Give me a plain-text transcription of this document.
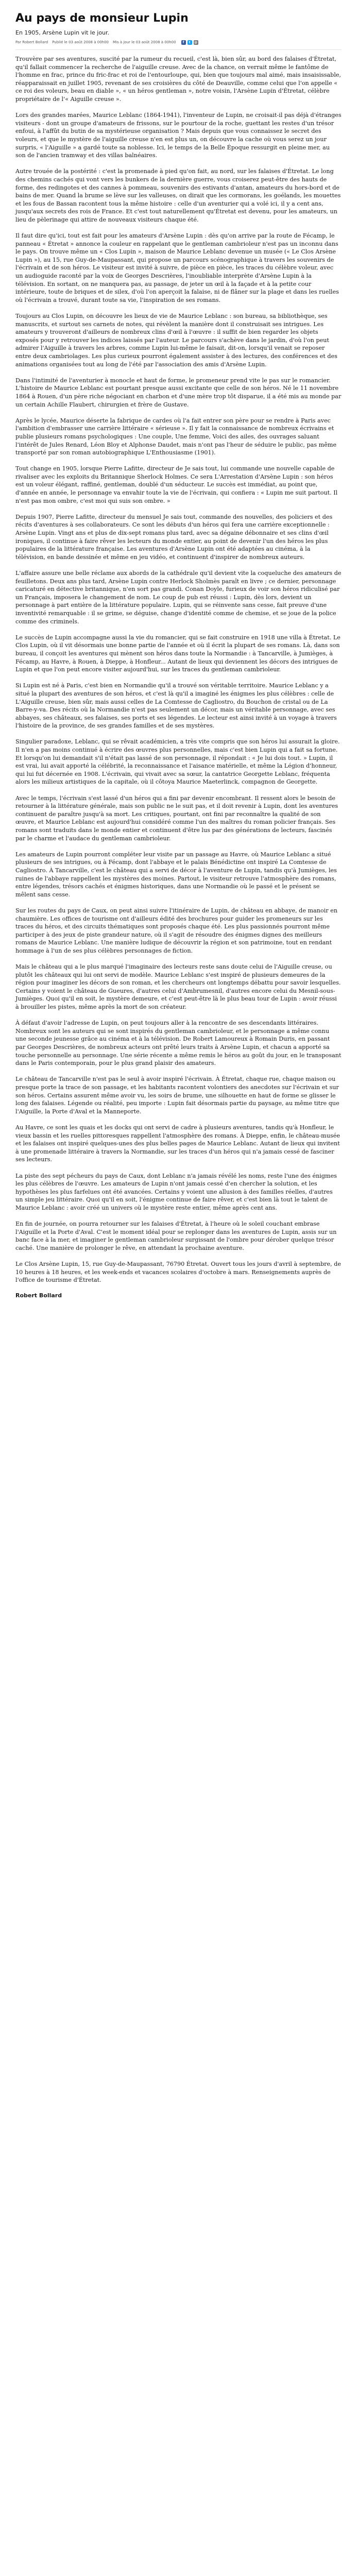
Au pays de monsieur Lupin

En 1905, Arsène Lupin vit le jour.

Par Robert Bollard Publié le 03 août 2008 à 00h00 Mis à jour le 03 août 2008 à 00h00	f	t	@

Trouvère par ses aventures, suscité par la rumeur du recueil, c'est là, bien sûr, au bord des falaises d'Étretat, qu'il fallait commencer la recherche de l'aiguille creuse. Avec de la chance, on verrait même le fantôme de l'homme en frac, prince du fric-frac et roi de l'entourloupe, qui, bien que toujours mal aimé, mais insaisissable, réapparaissait en juillet 1905, revenant de ses croisières du côté de Deauville, comme celui que l'on appelle « ce roi des voleurs, beau en diable », « un héros gentleman », notre voisin, l'Arsène Lupin d'Étretat, célèbre propriétaire de l'« Aiguille creuse ».

Lors des grandes marées, Maurice Leblanc (1864-1941), l'inventeur de Lupin, ne croisait-il pas déjà d'étranges visiteurs - dont un groupe d'amateurs de frissons, sur le pourtour de la roche, guettant les restes d'un trésor enfoui, à l'affût du butin de sa mystérieuse organisation ? Mais depuis que vous connaissez le secret des voleurs, et que le mystère de l'aiguille creuse n'en est plus un, on découvre la cache où vous serez un jour surpris, « l'Aiguille » a gardé toute sa noblesse. Ici, le temps de la Belle Époque ressurgit en pleine mer, au son de l'ancien tramway et des villas balnéaires.

Autre trouée de la postérité : c'est la promenade à pied qu'on fait, au nord, sur les falaises d'Étretat. Le long des chemins cachés qui vont vers les bunkers de la dernière guerre, vous croiserez peut-être des hauts de forme, des redingotes et des cannes à pommeau, souvenirs des estivants d'antan, amateurs du hors-bord et de bains de mer. Quand la brume se lève sur les valleuses, on dirait que les cormorans, les goélands, les mouettes et les fous de Bassan racontent tous la même histoire : celle d'un aventurier qui a volé ici, il y a cent ans, jusqu'aux secrets des rois de France. Et c'est tout naturellement qu'Étretat est devenu, pour les amateurs, un lieu de pèlerinage qui attire de nouveaux visiteurs chaque été.

Il faut dire qu'ici, tout est fait pour les amateurs d'Arsène Lupin : dès qu'on arrive par la route de Fécamp, le panneau « Étretat » annonce la couleur en rappelant que le gentleman cambrioleur n'est pas un inconnu dans le pays. On trouve même un « Clos Lupin », maison de Maurice Leblanc devenue un musée (« Le Clos Arsène Lupin »), au 15, rue Guy-de-Maupassant, qui propose un parcours scénographique à travers les souvenirs de l'écrivain et de son héros. Le visiteur est invité à suivre, de pièce en pièce, les traces du célèbre voleur, avec un audioguide raconté par la voix de Georges Descrières, l'inoubliable interprète d'Arsène Lupin à la télévision. En sortant, on ne manquera pas, au passage, de jeter un œil à la façade et à la petite cour intérieure, toute de briques et de silex, d'où l'on aperçoit la falaise, ni de flâner sur la plage et dans les ruelles où l'écrivain a trouvé, durant toute sa vie, l'inspiration de ses romans.

Toujours au Clos Lupin, on découvre les lieux de vie de Maurice Leblanc : son bureau, sa bibliothèque, ses manuscrits, et surtout ses carnets de notes, qui révèlent la manière dont il construisait ses intrigues. Les amateurs y trouveront d'ailleurs de nombreux clins d'œil à l'œuvre : il suffit de bien regarder les objets exposés pour y retrouver les indices laissés par l'auteur. Le parcours s'achève dans le jardin, d'où l'on peut admirer l'Aiguille à travers les arbres, comme Lupin lui-même le faisait, dit-on, lorsqu'il venait se reposer entre deux cambriolages. Les plus curieux pourront également assister à des lectures, des conférences et des animations organisées tout au long de l'été par l'association des amis d'Arsène Lupin.

Dans l'intimité de l'aventurier à monocle et haut de forme, le promeneur prend vite le pas sur le romancier. L'histoire de Maurice Leblanc est pourtant presque aussi excitante que celle de son héros. Né le 11 novembre 1864 à Rouen, d'un père riche négociant en charbon et d'une mère trop tôt disparue, il a été mis au monde par un certain Achille Flaubert, chirurgien et frère de Gustave.

Après le lycée, Maurice déserte la fabrique de cardes où l'a fait entrer son père pour se rendre à Paris avec l'ambition d'embrasser une carrière littéraire « sérieuse ». Il y fait la connaissance de nombreux écrivains et publie plusieurs romans psychologiques : Une couple, Une femme, Voici des ailes, des ouvrages saluant l'intérêt de Jules Renard, Léon Bloy et Alphonse Daudet, mais n'ont pas l'heur de séduire le public, pas même transporté par son roman autobiographique L'Enthousiasme (1901).

Tout change en 1905, lorsque Pierre Lafitte, directeur de Je sais tout, lui commande une nouvelle capable de rivaliser avec les exploits du Britannique Sherlock Holmes. Ce sera L'Arrestation d'Arsène Lupin : son héros est un voleur élégant, raffiné, gentleman, doublé d'un séducteur. Le succès est immédiat, au point que, d'année en année, le personnage va envahir toute la vie de l'écrivain, qui confiera : « Lupin me suit partout. Il n'est pas mon ombre, c'est moi qui suis son ombre. »

Depuis 1907, Pierre Lafitte, directeur du mensuel Je sais tout, commande des nouvelles, des policiers et des récits d'aventures à ses collaborateurs. Ce sont les débuts d'un héros qui fera une carrière exceptionnelle : Arsène Lupin. Vingt ans et plus de dix-sept romans plus tard, avec sa dégaine débonnaire et ses clins d'œil ironiques, il continue à faire rêver les lecteurs du monde entier, au point de devenir l'un des héros les plus populaires de la littérature française. Les aventures d'Arsène Lupin ont été adaptées au cinéma, à la télévision, en bande dessinée et même en jeu vidéo, et continuent d'inspirer de nombreux auteurs.

L'affaire assure une belle réclame aux abords de la cathédrale qu'il devient vite la coqueluche des amateurs de feuilletons. Deux ans plus tard, Arsène Lupin contre Herlock Sholmès paraît en livre ; ce dernier, personnage caricaturé en détective britannique, n'en sort pas grandi. Conan Doyle, furieux de voir son héros ridiculisé par un Français, imposera le changement de nom. Le coup de pub est réussi : Lupin, dès lors, devient un personnage à part entière de la littérature populaire. Lupin, qui se réinvente sans cesse, fait preuve d'une inventivité remarquable : il se grime, se déguise, change d'identité comme de chemise, et se joue de la police comme des criminels.

Le succès de Lupin accompagne aussi la vie du romancier, qui se fait construire en 1918 une villa à Étretat. Le Clos Lupin, où il vit désormais une bonne partie de l'année et où il écrit la plupart de ses romans. Là, dans son bureau, il conçoit les aventures qui mènent son héros dans toute la Normandie : à Tancarville, à Jumièges, à Fécamp, au Havre, à Rouen, à Dieppe, à Honfleur... Autant de lieux qui deviennent les décors des intrigues de Lupin et que l'on peut encore visiter aujourd'hui, sur les traces du gentleman cambrioleur.

Si Lupin est né à Paris, c'est bien en Normandie qu'il a trouvé son véritable territoire. Maurice Leblanc y a situé la plupart des aventures de son héros, et c'est là qu'il a imaginé les énigmes les plus célèbres : celle de L'Aiguille creuse, bien sûr, mais aussi celles de La Comtesse de Cagliostro, du Bouchon de cristal ou de La Barre-y-va. Des récits où la Normandie n'est pas seulement un décor, mais un véritable personnage, avec ses abbayes, ses châteaux, ses falaises, ses ports et ses légendes. Le lecteur est ainsi invité à un voyage à travers l'histoire de la province, de ses grandes familles et de ses mystères.

Singulier paradoxe, Leblanc, qui se rêvait académicien, a très vite compris que son héros lui assurait la gloire. Il n'en a pas moins continué à écrire des œuvres plus personnelles, mais c'est bien Lupin qui a fait sa fortune. Et lorsqu'on lui demandait s'il n'était pas lassé de son personnage, il répondait : « Je lui dois tout. » Lupin, il est vrai, lui avait apporté la célébrité, la reconnaissance et l'aisance matérielle, et même la Légion d'honneur, qui lui fut décernée en 1908. L'écrivain, qui vivait avec sa sœur, la cantatrice Georgette Leblanc, fréquenta alors les milieux artistiques de la capitale, où il côtoya Maurice Maeterlinck, compagnon de Georgette.

Avec le temps, l'écrivain s'est lassé d'un héros qui a fini par devenir encombrant. Il ressent alors le besoin de retourner à la littérature générale, mais son public ne le suit pas, et il doit revenir à Lupin, dont les aventures continuent de paraître jusqu'à sa mort. Les critiques, pourtant, ont fini par reconnaître la qualité de son œuvre, et Maurice Leblanc est aujourd'hui considéré comme l'un des maîtres du roman policier français. Ses romans sont traduits dans le monde entier et continuent d'être lus par des générations de lecteurs, fascinés par le charme et l'audace du gentleman cambrioleur.

Les amateurs de Lupin pourront compléter leur visite par un passage au Havre, où Maurice Leblanc a situé plusieurs de ses intrigues, ou à Fécamp, dont l'abbaye et le palais Bénédictine ont inspiré La Comtesse de Cagliostro. À Tancarville, c'est le château qui a servi de décor à l'aventure de Lupin, tandis qu'à Jumièges, les ruines de l'abbaye rappellent les mystères des moines. Partout, le visiteur retrouve l'atmosphère des romans, entre légendes, trésors cachés et énigmes historiques, dans une Normandie où le passé et le présent se mêlent sans cesse.

Sur les routes du pays de Caux, on peut ainsi suivre l'itinéraire de Lupin, de château en abbaye, de manoir en chaumière. Les offices de tourisme ont d'ailleurs édité des brochures pour guider les promeneurs sur les traces du héros, et des circuits thématiques sont proposés chaque été. Les plus passionnés pourront même participer à des jeux de piste grandeur nature, où il s'agit de résoudre des énigmes dignes des meilleurs romans de Maurice Leblanc. Une manière ludique de découvrir la région et son patrimoine, tout en rendant hommage à l'un de ses plus célèbres personnages de fiction.

Mais le château qui a le plus marqué l'imaginaire des lecteurs reste sans doute celui de l'Aiguille creuse, ou plutôt les châteaux qui lui ont servi de modèle. Maurice Leblanc s'est inspiré de plusieurs demeures de la région pour imaginer les décors de son roman, et les chercheurs ont longtemps débattu pour savoir lesquelles. Certains y voient le château de Gueures, d'autres celui d'Ambrumesnil, d'autres encore celui du Mesnil-sous-Jumièges. Quoi qu'il en soit, le mystère demeure, et c'est peut-être là le plus beau tour de Lupin : avoir réussi à brouiller les pistes, même après la mort de son créateur.

À défaut d'avoir l'adresse de Lupin, on peut toujours aller à la rencontre de ses descendants littéraires. Nombreux sont les auteurs qui se sont inspirés du gentleman cambrioleur, et le personnage a même connu une seconde jeunesse grâce au cinéma et à la télévision. De Robert Lamoureux à Romain Duris, en passant par Georges Descrières, de nombreux acteurs ont prêté leurs traits à Arsène Lupin, et chacun a apporté sa touche personnelle au personnage. Une série récente a même remis le héros au goût du jour, en le transposant dans le Paris contemporain, pour le plus grand plaisir des amateurs.

Le château de Tancarville n'est pas le seul à avoir inspiré l'écrivain. À Étretat, chaque rue, chaque maison ou presque porte la trace de son passage, et les habitants racontent volontiers des anecdotes sur l'écrivain et sur son héros. Certains assurent même avoir vu, les soirs de brume, une silhouette en haut de forme se glisser le long des falaises. Légende ou réalité, peu importe : Lupin fait désormais partie du paysage, au même titre que l'Aiguille, la Porte d'Aval et la Manneporte.

Au Havre, ce sont les quais et les docks qui ont servi de cadre à plusieurs aventures, tandis qu'à Honfleur, le vieux bassin et les ruelles pittoresques rappellent l'atmosphère des romans. À Dieppe, enfin, le château-musée et les falaises ont inspiré quelques-unes des plus belles pages de Maurice Leblanc. Autant de lieux qui invitent à une promenade littéraire à travers la Normandie, sur les traces d'un héros qui n'a jamais cessé de fasciner ses lecteurs.

La piste des sept pécheurs du pays de Caux, dont Leblanc n'a jamais révélé les noms, reste l'une des énigmes les plus célèbres de l'œuvre. Les amateurs de Lupin n'ont jamais cessé d'en chercher la solution, et les hypothèses les plus farfelues ont été avancées. Certains y voient une allusion à des familles réelles, d'autres un simple jeu littéraire. Quoi qu'il en soit, l'énigme continue de faire rêver, et c'est bien là tout le talent de Maurice Leblanc : avoir créé un univers où le mystère reste entier, même après cent ans.

En fin de journée, on pourra retourner sur les falaises d'Étretat, à l'heure où le soleil couchant embrase l'Aiguille et la Porte d'Aval. C'est le moment idéal pour se replonger dans les aventures de Lupin, assis sur un banc face à la mer, et imaginer le gentleman cambrioleur surgissant de l'ombre pour dérober quelque trésor caché. Une manière de prolonger le rêve, en attendant la prochaine aventure.

Le Clos Arsène Lupin, 15, rue Guy-de-Maupassant, 76790 Étretat. Ouvert tous les jours d'avril à septembre, de 10 heures à 18 heures, et les week-ends et vacances scolaires d'octobre à mars. Renseignements auprès de l'office de tourisme d'Étretat.

Robert Bollard
